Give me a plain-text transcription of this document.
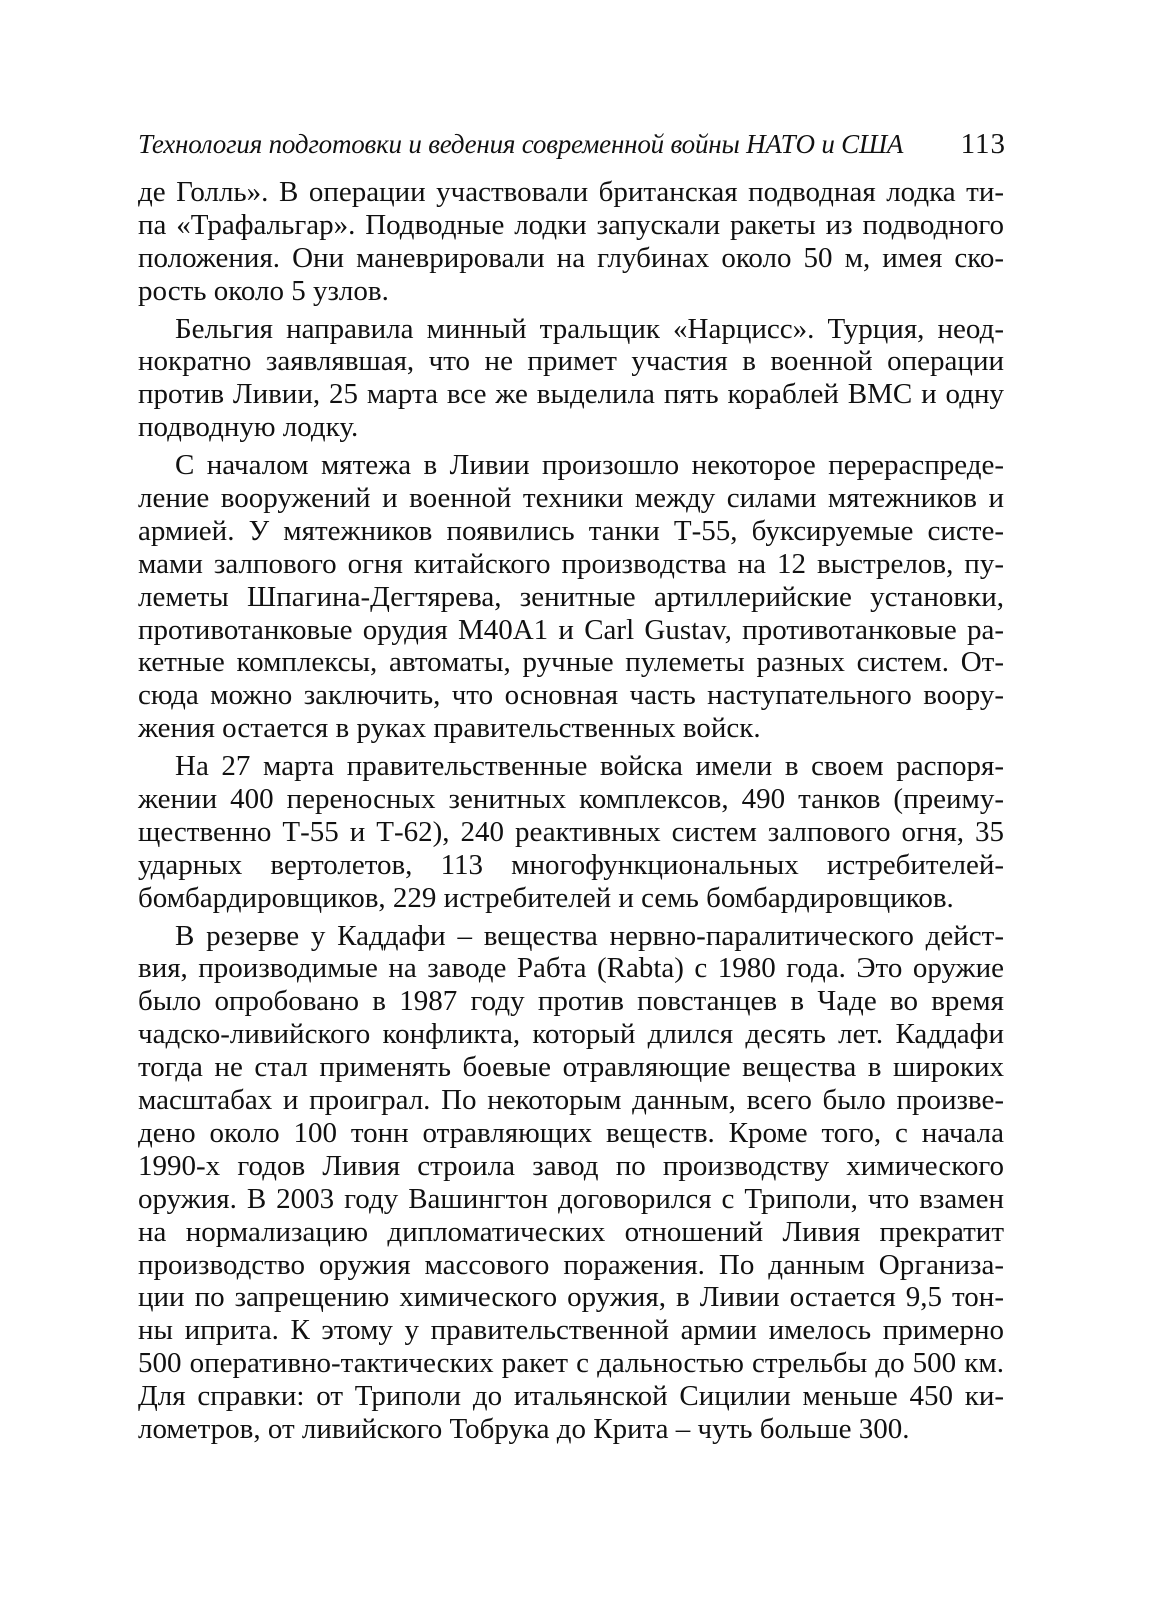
Технология подготовки и ведения современной войны НАТО и США 113
де Голль». В операции участвовали британская подводная лодка ти-
па «Трафальгар». Подводные лодки запускали ракеты из подводного
положения. Они маневрировали на глубинах около 50 м, имея ско-
рость около 5 узлов.
Бельгия направила минный тральщик «Нарцисс». Турция, неод-
нократно заявлявшая, что не примет участия в военной операции
против Ливии, 25 марта все же выделила пять кораблей ВМС и одну
подводную лодку.
С началом мятежа в Ливии произошло некоторое перераспреде-
ление вооружений и военной техники между силами мятежников и
армией. У мятежников появились танки Т-55, буксируемые систе-
мами залпового огня китайского производства на 12 выстрелов, пу-
леметы Шпагина-Дегтярева, зенитные артиллерийские установки,
противотанковые орудия М40А1 и Carl Gustav, противотанковые ра-
кетные комплексы, автоматы, ручные пулеметы разных систем. От-
сюда можно заключить, что основная часть наступательного воору-
жения остается в руках правительственных войск.
На 27 марта правительственные войска имели в своем распоря-
жении 400 переносных зенитных комплексов, 490 танков (преиму-
щественно Т-55 и Т-62), 240 реактивных систем залпового огня, 35
ударных вертолетов, 113 многофункциональных истребителей-
бомбардировщиков, 229 истребителей и семь бомбардировщиков.
В резерве у Каддафи – вещества нервно-паралитического дейст-
вия, производимые на заводе Рабта (Rabta) с 1980 года. Это оружие
было опробовано в 1987 году против повстанцев в Чаде во время
чадско-ливийского конфликта, который длился десять лет. Каддафи
тогда не стал применять боевые отравляющие вещества в широких
масштабах и проиграл. По некоторым данным, всего было произве-
дено около 100 тонн отравляющих веществ. Кроме того, с начала
1990-х годов Ливия строила завод по производству химического
оружия. В 2003 году Вашингтон договорился с Триполи, что взамен
на нормализацию дипломатических отношений Ливия прекратит
производство оружия массового поражения. По данным Организа-
ции по запрещению химического оружия, в Ливии остается 9,5 тон-
ны иприта. К этому у правительственной армии имелось примерно
500 оперативно-тактических ракет с дальностью стрельбы до 500 км.
Для справки: от Триполи до итальянской Сицилии меньше 450 ки-
лометров, от ливийского Тобрука до Крита – чуть больше 300.
